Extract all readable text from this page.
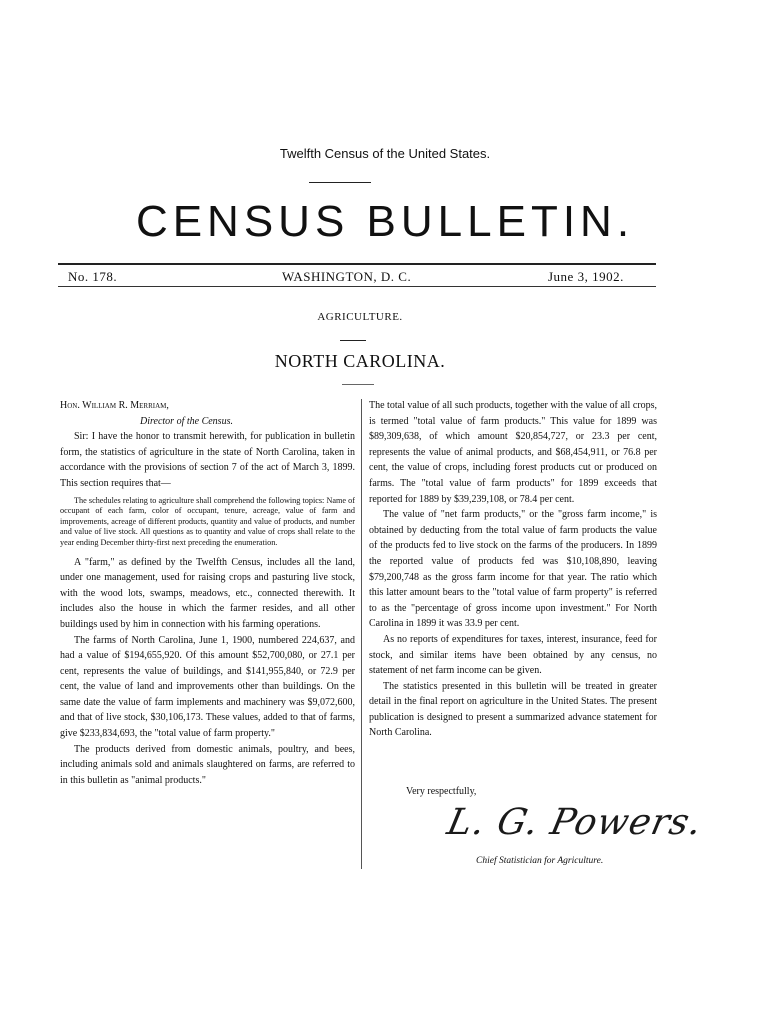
Twelfth Census of the United States.
CENSUS BULLETIN.
No. 178.	WASHINGTON, D. C.	June 3, 1902.
AGRICULTURE.
NORTH CAROLINA.

Hon. William R. Merriam,

Director of the Census.

Sir: I have the honor to transmit herewith, for publication in bulletin form, the statistics of agriculture in the state of North Carolina, taken in accordance with the provisions of section 7 of the act of March 3, 1899. This section requires that—

The schedules relating to agriculture shall comprehend the following topics: Name of occupant of each farm, color of occupant, tenure, acreage, value of farm and improvements, acreage of different products, quantity and value of products, and number and value of live stock. All questions as to quantity and value of crops shall relate to the year ending December thirty-first next preceding the enumeration.

A "farm," as defined by the Twelfth Census, includes all the land, under one management, used for raising crops and pasturing live stock, with the wood lots, swamps, meadows, etc., connected therewith. It includes also the house in which the farmer resides, and all other buildings used by him in connection with his farming operations.

The farms of North Carolina, June 1, 1900, numbered 224,637, and had a value of $194,655,920. Of this amount $52,700,080, or 27.1 per cent, represents the value of buildings, and $141,955,840, or 72.9 per cent, the value of land and improvements other than buildings. On the same date the value of farm implements and machinery was $9,072,600, and that of live stock, $30,106,173. These values, added to that of farms, give $233,834,693, the "total value of farm property."

The products derived from domestic animals, poultry, and bees, including animals sold and animals slaughtered on farms, are referred to in this bulletin as "animal products."

The total value of all such products, together with the value of all crops, is termed "total value of farm products." This value for 1899 was $89,309,638, of which amount $20,854,727, or 23.3 per cent, represents the value of animal products, and $68,454,911, or 76.8 per cent, the value of crops, including forest products cut or produced on farms. The "total value of farm products" for 1899 exceeds that reported for 1889 by $39,239,108, or 78.4 per cent.

The value of "net farm products," or the "gross farm income," is obtained by deducting from the total value of farm products the value of the products fed to live stock on the farms of the producers. In 1899 the reported value of products fed was $10,108,890, leaving $79,200,748 as the gross farm income for that year. The ratio which this latter amount bears to the "total value of farm property" is referred to as the "percentage of gross income upon investment." For North Carolina in 1899 it was 33.9 per cent.

As no reports of expenditures for taxes, interest, insurance, feed for stock, and similar items have been obtained by any census, no statement of net farm income can be given.

The statistics presented in this bulletin will be treated in greater detail in the final report on agriculture in the United States. The present publication is designed to present a summarized advance statement for North Carolina.

Very respectfully,
L. G. Powers.
Chief Statistician for Agriculture.
